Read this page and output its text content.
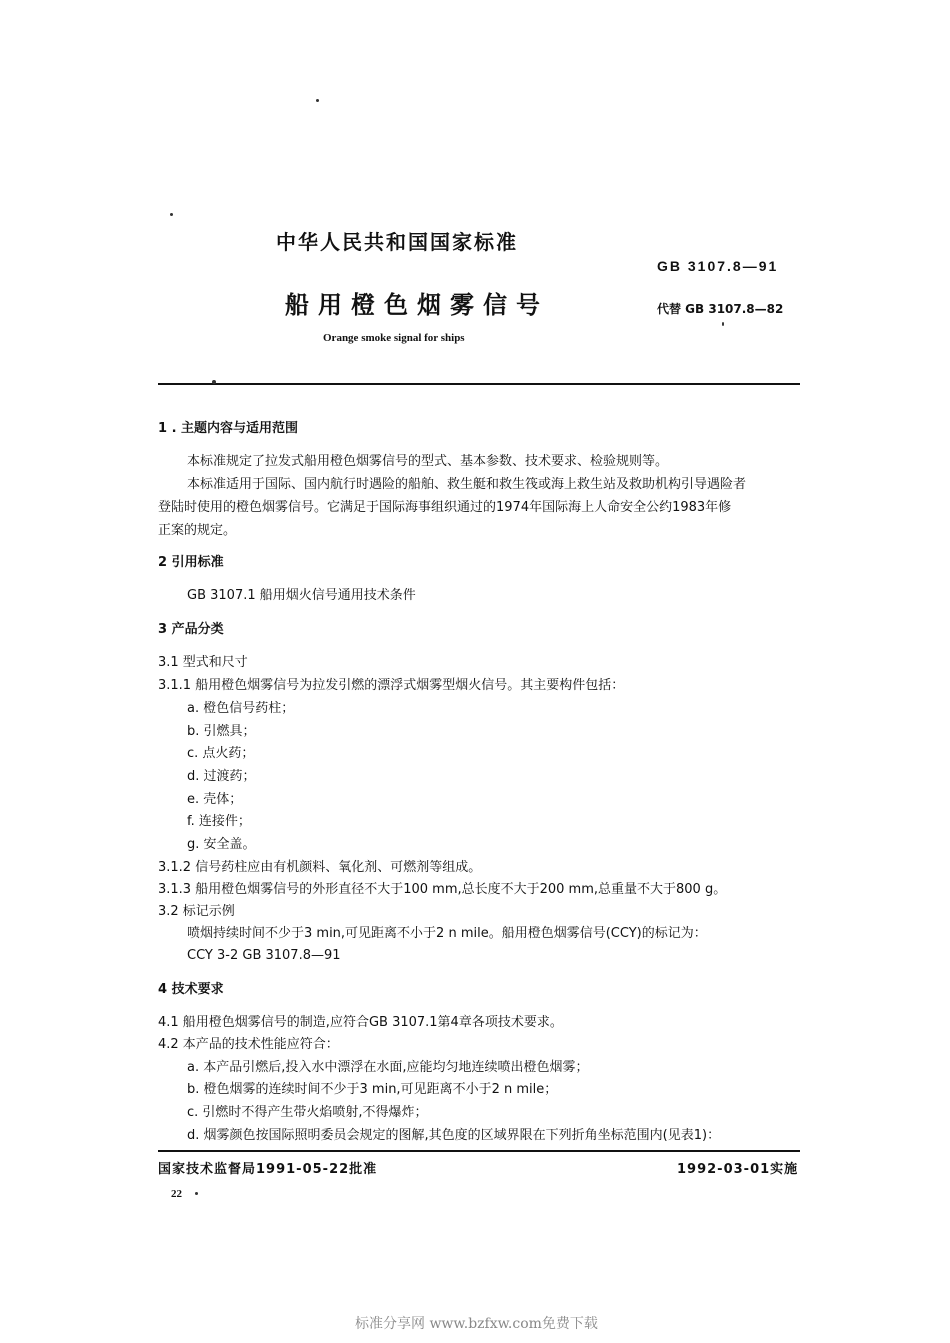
中华人民共和国国家标准
GB 3107.8—91
船用橙色烟雾信号	代替 GB 3107.8—82
Orange smoke signal for ships
1 . 主题内容与适用范围
本标准规定了拉发式船用橙色烟雾信号的型式、基本参数、技术要求、检验规则等。
本标准适用于国际、国内航行时遇险的船舶、救生艇和救生筏或海上救生站及救助机构引导遇险者
登陆时使用的橙色烟雾信号。它满足于国际海事组织通过的1974年国际海上人命安全公约1983年修
正案的规定。
2 引用标准
GB 3107.1 船用烟火信号通用技术条件
3 产品分类
3.1 型式和尺寸
3.1.1 船用橙色烟雾信号为拉发引燃的漂浮式烟雾型烟火信号。其主要构件包括：
a. 橙色信号药柱；
b. 引燃具；
c. 点火药；
d. 过渡药；
e. 壳体；
f. 连接件；
g. 安全盖。
3.1.2 信号药柱应由有机颜料、氧化剂、可燃剂等组成。
3.1.3 船用橙色烟雾信号的外形直径不大于100 mm,总长度不大于200 mm,总重量不大于800 g。
3.2 标记示例
喷烟持续时间不少于3 min,可见距离不小于2 n mile。船用橙色烟雾信号(CCY)的标记为：
CCY 3-2 GB 3107.8—91
4 技术要求
4.1 船用橙色烟雾信号的制造,应符合GB 3107.1第4章各项技术要求。
4.2 本产品的技术性能应符合：
a. 本产品引燃后,投入水中漂浮在水面,应能均匀地连续喷出橙色烟雾；
b. 橙色烟雾的连续时间不少于3 min,可见距离不小于2 n mile；
c. 引燃时不得产生带火焰喷射,不得爆炸；
d. 烟雾颜色按国际照明委员会规定的图解,其色度的区域界限在下列折角坐标范围内(见表1)：
国家技术监督局1991-05-22批准	1992-03-01实施
22
标准分享网 www.bzfxw.com免费下载
